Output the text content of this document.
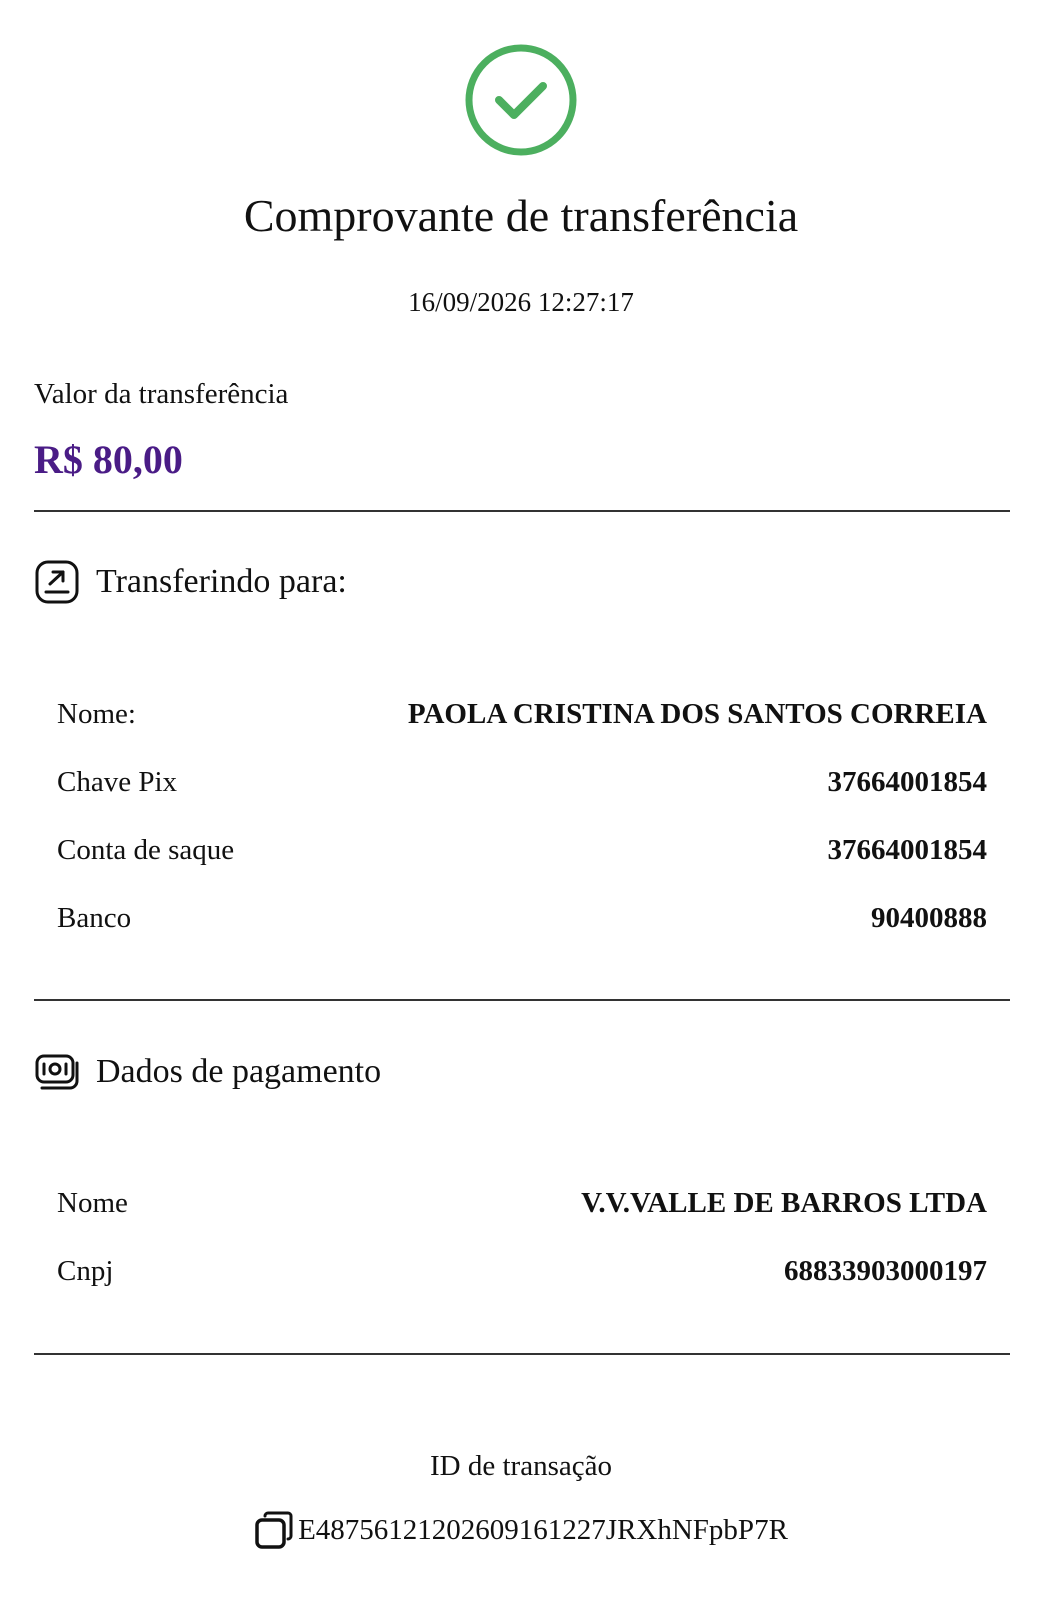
Comprovante de transferência
16/09/2026 12:27:17
Valor da transferência
R$ 80,00
Transferindo para:
Nome:	PAOLA CRISTINA DOS SANTOS CORREIA
Chave Pix	37664001854
Conta de saque	37664001854
Banco	90400888
Dados de pagamento
Nome	V.V.VALLE DE BARROS LTDA
Cnpj	68833903000197
ID de transação
E48756121202609161227JRXhNFpbP7R
